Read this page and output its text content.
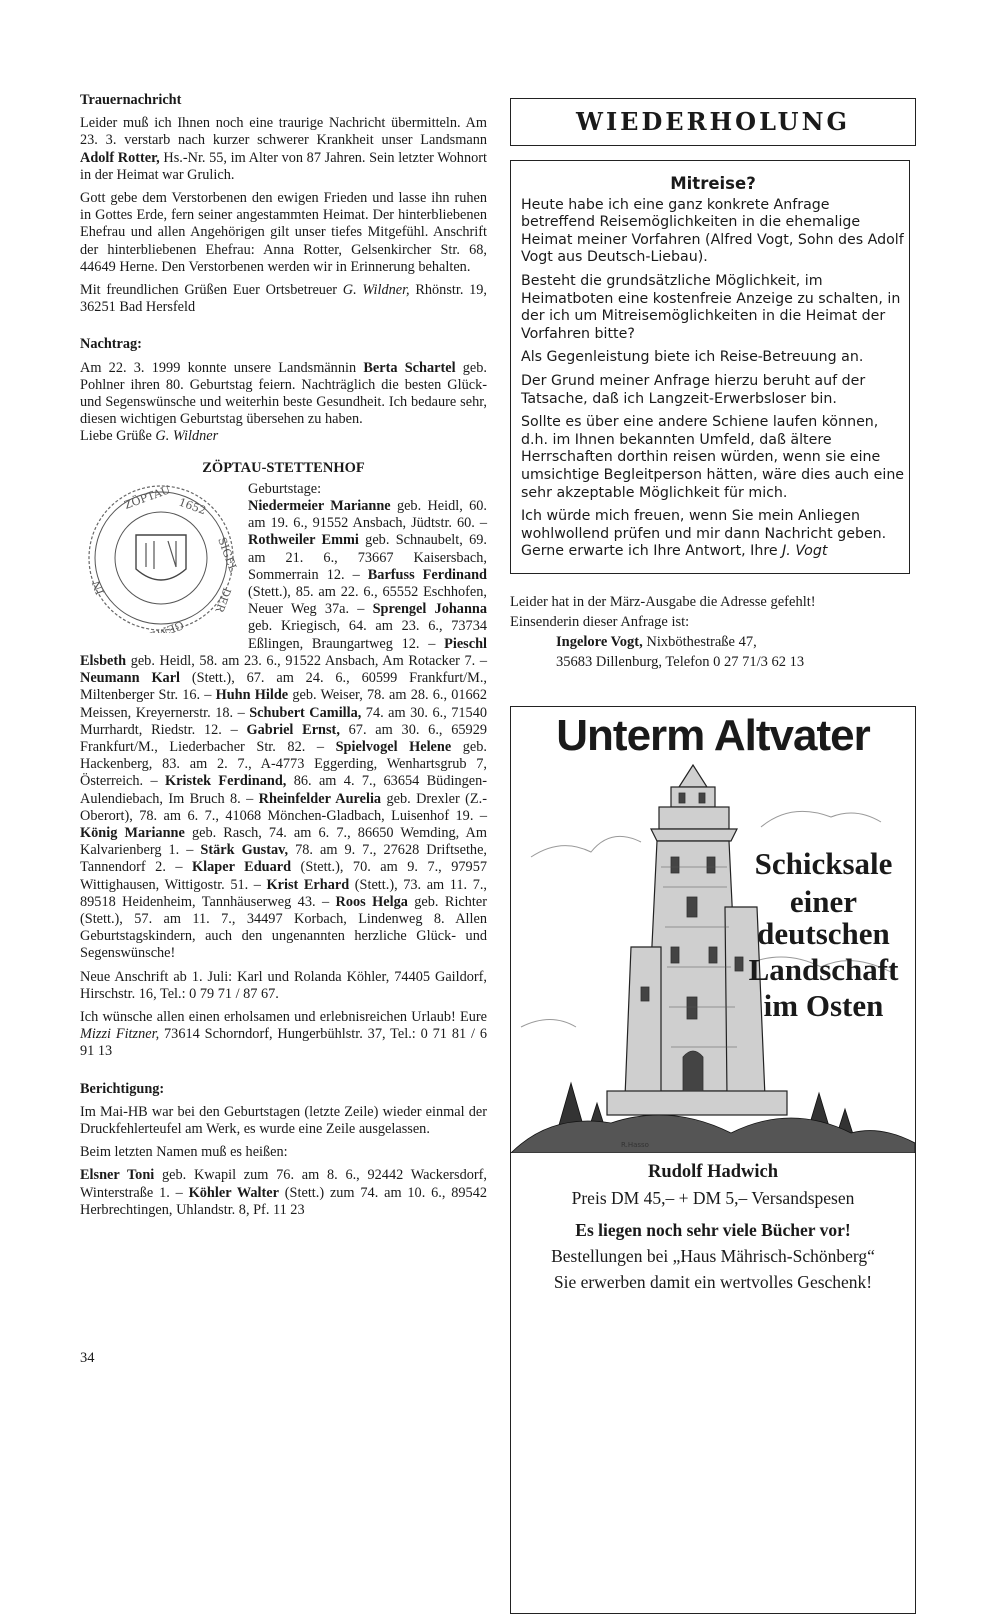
Trauernachricht

Leider muß ich Ihnen noch eine traurige Nachricht übermitteln. Am 23. 3. verstarb nach kurzer schwerer Krankheit unser Landsmann Adolf Rotter, Hs.-Nr. 55, im Alter von 87 Jahren. Sein letzter Wohnort in der Heimat war Grulich.

Gott gebe dem Verstorbenen den ewigen Frieden und lasse ihn ruhen in Gottes Erde, fern seiner angestammten Heimat. Der hinterbliebenen Ehefrau und allen Angehörigen gilt unser tiefes Mitgefühl. Anschrift der hinterbliebenen Ehefrau: Anna Rotter, Gelsenkircher Str. 68, 44649 Herne. Den Verstorbenen werden wir in Erinnerung behalten.

Mit freundlichen Grüßen Euer Ortsbetreuer G. Wildner, Rhönstr. 19, 36251 Bad Hersfeld

Nachtrag:

Am 22. 3. 1999 konnte unsere Landsmännin Berta Schartel geb. Pohlner ihren 80. Geburtstag feiern. Nachträglich die besten Glück- und Segenswünsche und weiterhin beste Gesundheit. Ich bedaure sehr, diesen wichtigen Geburtstag übersehen zu haben.

Liebe Grüße G. Wildner

ZÖPTAU-STETTENHOF
ZÖPTAU 1652
SIGEL
DER
GEMEIN
IN

Geburtstage:
Niedermeier Marianne geb. Heidl, 60. am 19. 6., 91552 Ansbach, Jüdtstr. 60. – Rothweiler Emmi geb. Schnaubelt, 69. am 21. 6., 73667 Kaisersbach, Sommerrain 12. – Barfuss Ferdinand (Stett.), 85. am 22. 6., 65552 Eschhofen, Neuer Weg 37a. – Sprengel Johanna geb. Kriegisch, 64. am 23. 6., 73734 Eßlingen, Braungartweg 12. – Pieschl Elsbeth geb. Heidl, 58. am 23. 6., 91522 Ansbach, Am Rotacker 7. – Neumann Karl (Stett.), 67. am 24. 6., 60599 Frankfurt/M., Miltenberger Str. 16. – Huhn Hilde geb. Weiser, 78. am 28. 6., 01662 Meissen, Kreyernerstr. 18. – Schubert Camilla, 74. am 30. 6., 71540 Murrhardt, Riedstr. 12. – Gabriel Ernst, 67. am 30. 6., 65929 Frankfurt/M., Liederbacher Str. 82. – Spielvogel Helene geb. Hackenberg, 83. am 2. 7., A-4773 Eggerding, Wenhartsgrub 7, Österreich. – Kristek Ferdinand, 86. am 4. 7., 63654 Büdingen-Aulendiebach, Im Bruch 8. – Rheinfelder Aurelia geb. Drexler (Z.-Oberort), 78. am 6. 7., 41068 Mönchen-Gladbach, Luisenhof 19. – König Marianne geb. Rasch, 74. am 6. 7., 86650 Wemding, Am Kalvarienberg 1. – Stärk Gustav, 78. am 9. 7., 27628 Driftsethe, Tannendorf 2. – Klaper Eduard (Stett.), 70. am 9. 7., 97957 Wittighausen, Wittigostr. 51. – Krist Erhard (Stett.), 73. am 11. 7., 89518 Heidenheim, Tannhäuserweg 43. – Roos Helga geb. Richter (Stett.), 57. am 11. 7., 34497 Korbach, Lindenweg 8. Allen Geburtstagskindern, auch den ungenannten herzliche Glück- und Segenswünsche!

Neue Anschrift ab 1. Juli: Karl und Rolanda Köhler, 74405 Gaildorf, Hirschstr. 16, Tel.: 0 79 71 / 87 67.

Ich wünsche allen einen erholsamen und erlebnisreichen Urlaub! Eure Mizzi Fitzner, 73614 Schorndorf, Hungerbühlstr. 37, Tel.: 0 71 81 / 6 91 13

Berichtigung:

Im Mai-HB war bei den Geburtstagen (letzte Zeile) wieder einmal der Druckfehlerteufel am Werk, es wurde eine Zeile ausgelassen.

Beim letzten Namen muß es heißen:

Elsner Toni geb. Kwapil zum 76. am 8. 6., 92442 Wackersdorf, Winterstraße 1. – Köhler Walter (Stett.) zum 74. am 10. 6., 89542 Herbrechtingen, Uhlandstr. 8, Pf. 11 23

WIEDERHOLUNG
Mitreise?

Heute habe ich eine ganz konkrete Anfrage betreffend Reisemöglichkeiten in die ehemalige Heimat meiner Vorfahren (Alfred Vogt, Sohn des Adolf Vogt aus Deutsch-Liebau).

Besteht die grundsätzliche Möglichkeit, im Heimatboten eine kostenfreie Anzeige zu schalten, in der ich um Mitreisemöglichkeiten in die Heimat der Vorfahren bitte?

Als Gegenleistung biete ich Reise-Betreuung an.

Der Grund meiner Anfrage hierzu beruht auf der Tatsache, daß ich Langzeit-Erwerbsloser bin.

Sollte es über eine andere Schiene laufen können, d.h. im Ihnen bekannten Umfeld, daß ältere Herrschaften dorthin reisen würden, wenn sie eine umsichtige Begleitperson hätten, wäre dies auch eine sehr akzeptable Möglichkeit für mich.

Ich würde mich freuen, wenn Sie mein Anliegen wohlwollend prüfen und mir dann Nachricht geben. Gerne erwarte ich Ihre Antwort, Ihre J. Vogt

Leider hat in der März-Ausgabe die Adresse gefehlt!

Einsenderin dieser Anfrage ist:

Ingelore Vogt, Nixböthestraße 47,

35683 Dillenburg, Telefon 0 27 71/3 62 13

R.Hasso
Unterm Altvater
Schicksale
einer
deutschen
Landschaft
im Osten

Rudolf Hadwich

Preis DM 45,– + DM 5,– Versandspesen

Es liegen noch sehr viele Bücher vor!

Bestellungen bei „Haus Mährisch-Schönberg“

Sie erwerben damit ein wertvolles Geschenk!

34
